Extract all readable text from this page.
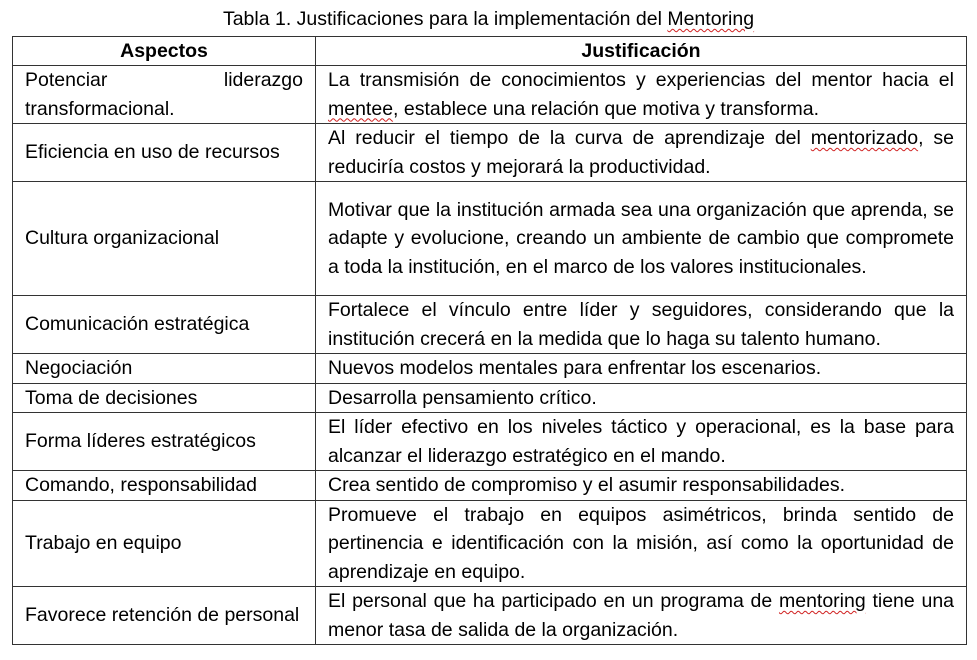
Tabla 1. Justificaciones para la implementación del Mentoring
Aspectos	Justificación
Potenciar liderazgo transformacional.	La transmisión de conocimientos y experiencias del mentor hacia el mentee, establece una relación que motiva y transforma.
Eficiencia en uso de recursos	Al reducir el tiempo de la curva de aprendizaje del mentorizado, se reduciría costos y mejorará la productividad.
Cultura organizacional	Motivar que la institución armada sea una organización que aprenda, se adapte y evolucione, creando un ambiente de cambio que compromete a toda la institución, en el marco de los valores institucionales.
Comunicación estratégica	Fortalece el vínculo entre líder y seguidores, considerando que la institución crecerá en la medida que lo haga su talento humano.
Negociación	Nuevos modelos mentales para enfrentar los escenarios.
Toma de decisiones	Desarrolla pensamiento crítico.
Forma líderes estratégicos	El líder efectivo en los niveles táctico y operacional, es la base para alcanzar el liderazgo estratégico en el mando.
Comando, responsabilidad	Crea sentido de compromiso y el asumir responsabilidades.
Trabajo en equipo	Promueve el trabajo en equipos asimétricos, brinda sentido de pertinencia e identificación con la misión, así como la oportunidad de aprendizaje en equipo.
Favorece retención de personal	El personal que ha participado en un programa de mentoring tiene una menor tasa de salida de la organización.
